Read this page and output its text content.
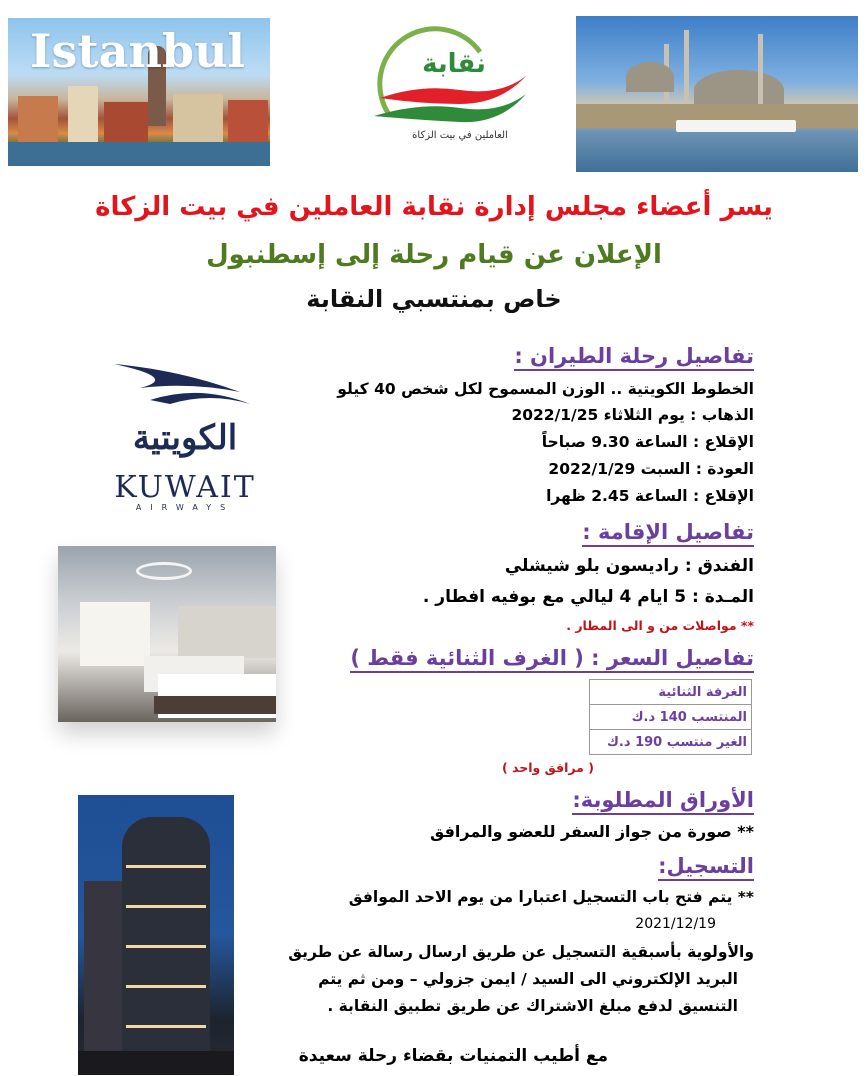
Istanbul	نقابة
العاملين في بيت الزكاة
يسر أعضاء مجلس إدارة نقابة العاملين في بيت الزكاة
الإعلان عن قيام رحلة إلى إسطنبول
خاص بمنتسبي النقابة
الكويتية
KUWAIT
AIRWAYS
تفاصيل رحلة الطيران :
الخطوط الكويتية .. الوزن المسموح لكل شخص 40 كيلو
الذهاب : يوم الثلاثاء 2022/1/25
الإقلاع : الساعة 9.30 صباحاً
العودة : السبت 2022/1/29
الإقلاع : الساعة 2.45 ظهرا
تفاصيل الإقامة :
الفندق : راديسون بلو شيشلي
المـدة : 5 ايام 4 ليالي مع بوفيه افطار .
** مواصلات من و الى المطار .
تفاصيل السعر : ( الغرف الثنائية فقط )
الغرفة الثنائية
المنتسب 140 د.ك
الغير منتسب 190 د.ك
( مرافق واحد )
الأوراق المطلوبة:
** صورة من جواز السفر للعضو والمرافق
التسجيل:
** يتم فتح باب التسجيل اعتبارا من يوم الاحد الموافق
2021/12/19
والأولوية بأسبقية التسجيل عن طريق ارسال رسالة عن طريق
البريد الإلكتروني الى السيد / ايمن جزولي – ومن ثم يتم
التنسيق لدفع مبلغ الاشتراك عن طريق تطبيق النقابة .
مع أطيب التمنيات بقضاء رحلة سعيدة
